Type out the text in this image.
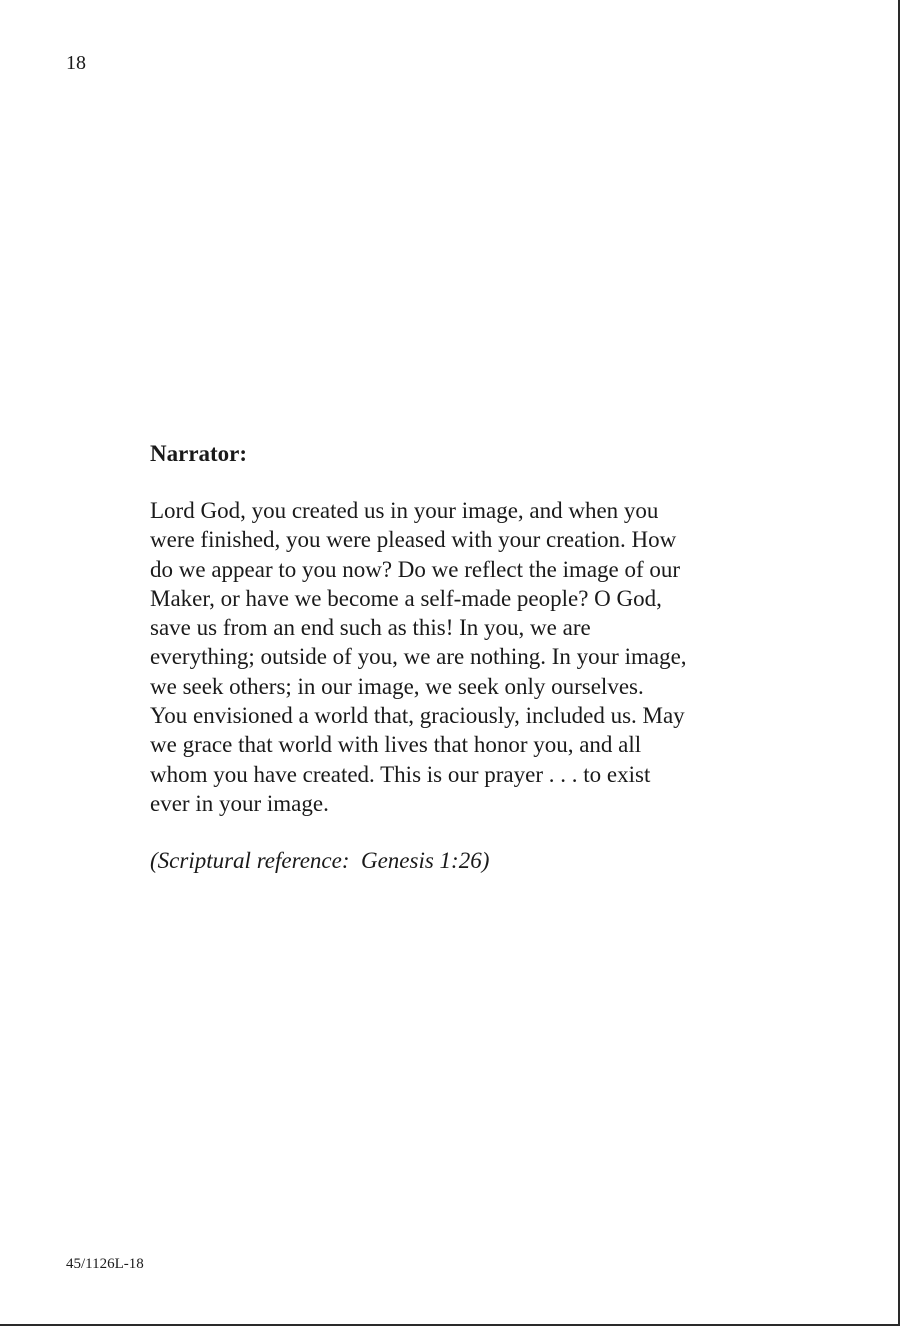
18

Narrator:

Lord God, you created us in your image, and when you
were finished, you were pleased with your creation. How
do we appear to you now? Do we reflect the image of our
Maker, or have we become a self-made people? O God,
save us from an end such as this! In you, we are
everything; outside of you, we are nothing. In your image,
we seek others; in our image, we seek only ourselves.
You envisioned a world that, graciously, included us. May
we grace that world with lives that honor you, and all
whom you have created. This is our prayer . . . to exist
ever in your image.

(Scriptural reference:  Genesis 1:26)

45/1126L-18
